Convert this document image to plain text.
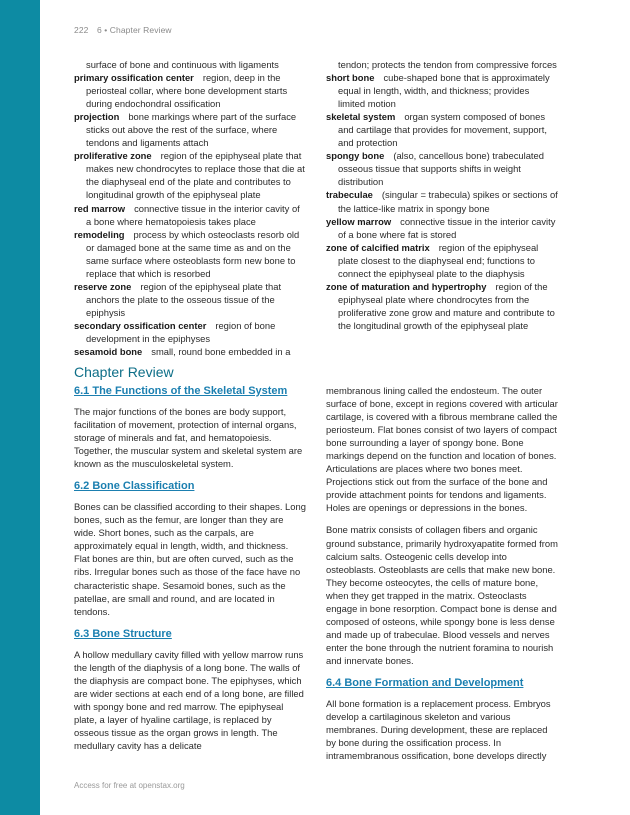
222 6 • Chapter Review
surface of bone and continuous with ligaments
primary ossification center region, deep in the periosteal collar, where bone development starts during endochondral ossification
projection bone markings where part of the surface sticks out above the rest of the surface, where tendons and ligaments attach
proliferative zone region of the epiphyseal plate that makes new chondrocytes to replace those that die at the diaphyseal end of the plate and contributes to longitudinal growth of the epiphyseal plate
red marrow connective tissue in the interior cavity of a bone where hematopoiesis takes place
remodeling process by which osteoclasts resorb old or damaged bone at the same time as and on the same surface where osteoblasts form new bone to replace that which is resorbed
reserve zone region of the epiphyseal plate that anchors the plate to the osseous tissue of the epiphysis
secondary ossification center region of bone development in the epiphyses
sesamoid bone small, round bone embedded in a
tendon; protects the tendon from compressive forces
short bone cube-shaped bone that is approximately equal in length, width, and thickness; provides limited motion
skeletal system organ system composed of bones and cartilage that provides for movement, support, and protection
spongy bone (also, cancellous bone) trabeculated osseous tissue that supports shifts in weight distribution
trabeculae (singular = trabecula) spikes or sections of the lattice-like matrix in spongy bone
yellow marrow connective tissue in the interior cavity of a bone where fat is stored
zone of calcified matrix region of the epiphyseal plate closest to the diaphyseal end; functions to connect the epiphyseal plate to the diaphysis
zone of maturation and hypertrophy region of the epiphyseal plate where chondrocytes from the proliferative zone grow and mature and contribute to the longitudinal growth of the epiphyseal plate
Chapter Review
6.1 The Functions of the Skeletal System

The major functions of the bones are body support, facilitation of movement, protection of internal organs, storage of minerals and fat, and hematopoiesis. Together, the muscular system and skeletal system are known as the musculoskeletal system.

6.2 Bone Classification

Bones can be classified according to their shapes. Long bones, such as the femur, are longer than they are wide. Short bones, such as the carpals, are approximately equal in length, width, and thickness. Flat bones are thin, but are often curved, such as the ribs. Irregular bones such as those of the face have no characteristic shape. Sesamoid bones, such as the patellae, are small and round, and are located in tendons.

6.3 Bone Structure

A hollow medullary cavity filled with yellow marrow runs the length of the diaphysis of a long bone. The walls of the diaphysis are compact bone. The epiphyses, which are wider sections at each end of a long bone, are filled with spongy bone and red marrow. The epiphyseal plate, a layer of hyaline cartilage, is replaced by osseous tissue as the organ grows in length. The medullary cavity has a delicate

membranous lining called the endosteum. The outer surface of bone, except in regions covered with articular cartilage, is covered with a fibrous membrane called the periosteum. Flat bones consist of two layers of compact bone surrounding a layer of spongy bone. Bone markings depend on the function and location of bones. Articulations are places where two bones meet. Projections stick out from the surface of the bone and provide attachment points for tendons and ligaments. Holes are openings or depressions in the bones.

Bone matrix consists of collagen fibers and organic ground substance, primarily hydroxyapatite formed from calcium salts. Osteogenic cells develop into osteoblasts. Osteoblasts are cells that make new bone. They become osteocytes, the cells of mature bone, when they get trapped in the matrix. Osteoclasts engage in bone resorption. Compact bone is dense and composed of osteons, while spongy bone is less dense and made up of trabeculae. Blood vessels and nerves enter the bone through the nutrient foramina to nourish and innervate bones.

6.4 Bone Formation and Development

All bone formation is a replacement process. Embryos develop a cartilaginous skeleton and various membranes. During development, these are replaced by bone during the ossification process. In intramembranous ossification, bone develops directly

Access for free at openstax.org
